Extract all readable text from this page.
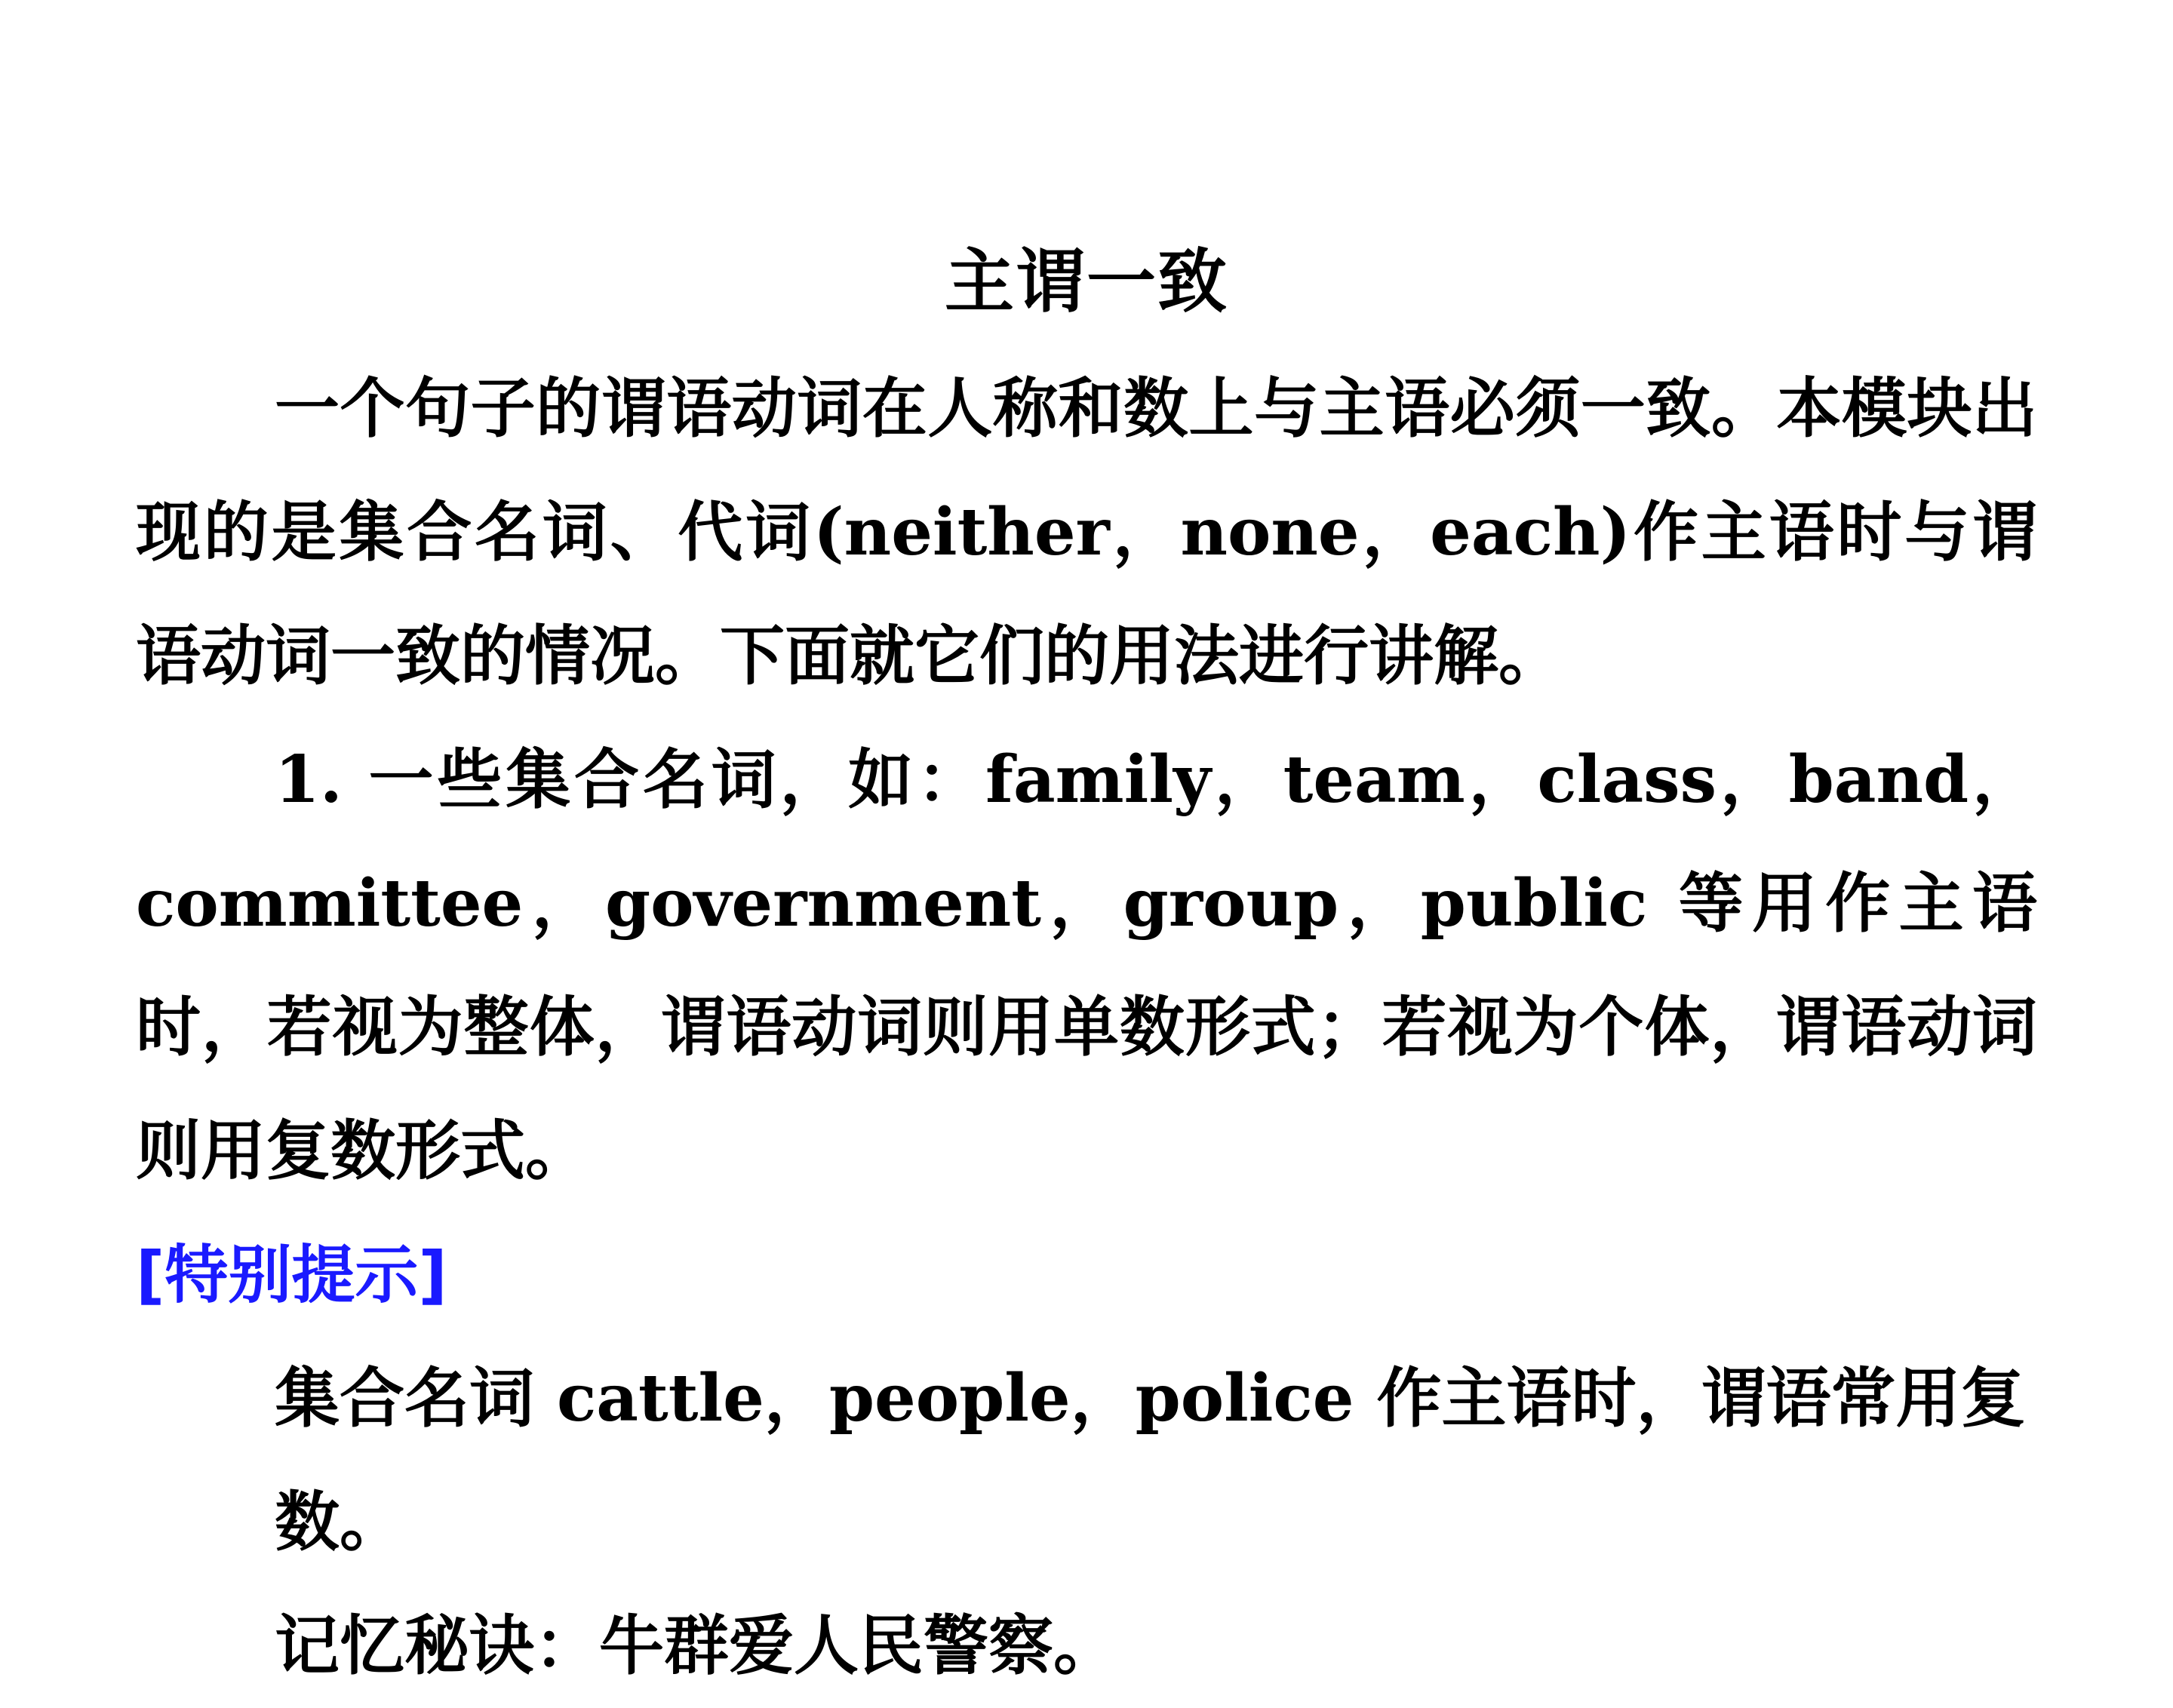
主谓一致

一个句子的谓语动词在人称和数上与主语必须一致。本模块出现的是集合名词、代词(neither，none，each)作主语时与谓语动词一致的情况。下面就它们的用法进行讲解。

1. 一些集合名词，如：family，team，class，band，committee，government，group，public 等用作主语时，若视为整体，谓语动词则用单数形式；若视为个体，谓语动词则用复数形式。

[特别提示]

集合名词 cattle，people，police 作主语时，谓语常用复数。

记忆秘诀：牛群爱人民警察。
